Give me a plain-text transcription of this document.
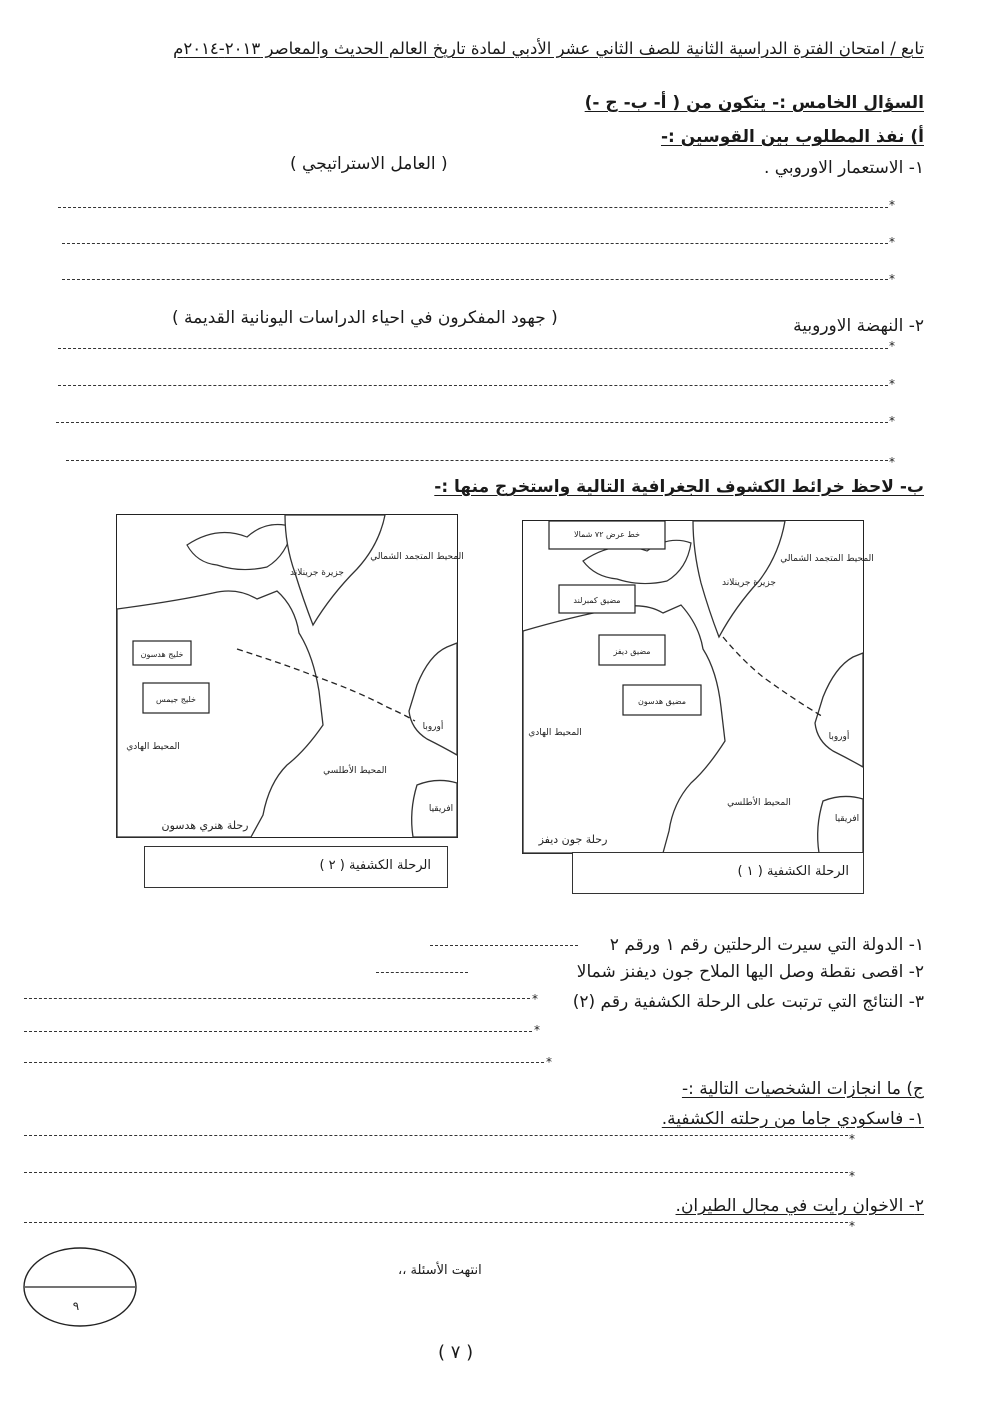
تابع / امتحان الفترة الدراسية الثانية للصف الثاني عشر الأدبي لمادة تاريخ العالم الحديث والمعاصر ٢٠١٣-٢٠١٤م
السؤال الخامس :- يتكون من ( أ- ب- ج -)
أ) نفذ المطلوب بين القوسين :-
١- الاستعمار الاوروبي .
( العامل الاستراتيجي )
*
*
*
٢- النهضة الاوروبية
( جهود المفكرون في احياء الدراسات اليونانية القديمة )
*
*
*
*
ب- لاحظ خرائط الكشوف الجغرافية التالية واستخرج منها :-
خليج هدسون
خليج جيمس
المحيط المتجمد الشمالي
جزيرة جرينلاند
المحيط الهادي
المحيط الأطلسي
أوروبا
افريقيا
رحلة هنري هدسون
الرحلة الكشفية ( ٢ )
خط عرض ٧٢ شمالا
مضيق كمبرلند
مضيق ديفز
مضيق هدسون
المحيط المتجمد الشمالي
جزيرة جرينلاند
المحيط الهادي
المحيط الأطلسي
أوروبا
افريقيا
رحلة جون ديفز
الرحلة الكشفية ( ١ )
١- الدولة التي سيرت الرحلتين رقم ١ ورقم ٢
٢- اقصى نقطة وصل اليها الملاح جون ديفنز شمالا
٣- النتائج التي ترتبت على الرحلة الكشفية رقم (٢)
*
*
*
ج) ما انجازات الشخصيات التالية :-
١- فاسكودي جاما من رحلته الكشفية.
*
*
٢- الاخوان رايت في مجال الطيران.
*
٩
انتهت الأسئلة ،،
( ٧ )
